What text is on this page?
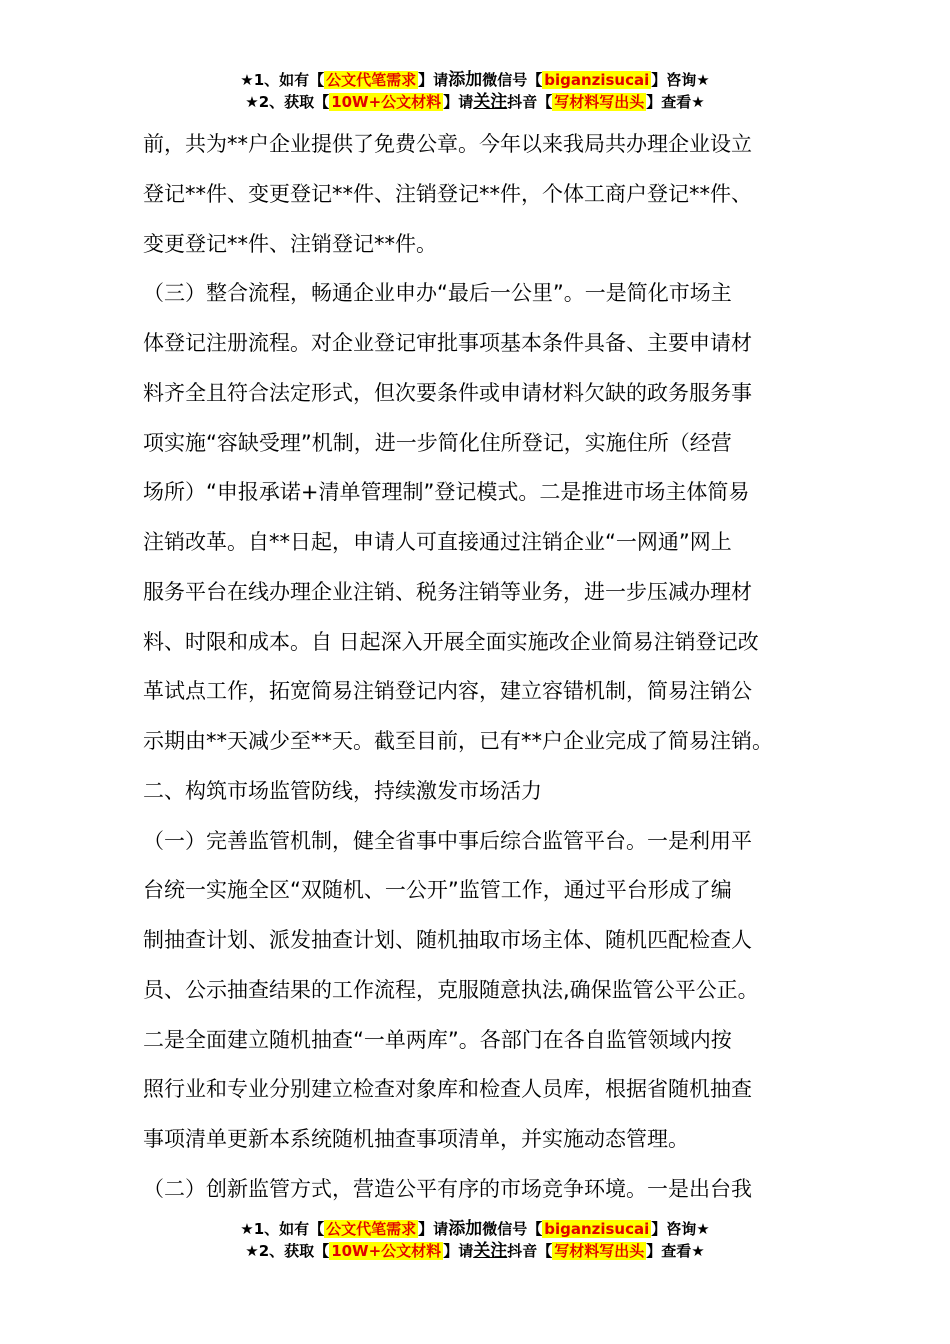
★1、如有【 公文代笔需求 】请添加微信号【 biganzisucai 】咨询★
★2、获取【 10W+公文材料 】请关注抖音【 写材料写出头 】查看★
前，共为**户企业提供了免费公章。今年以来我局共办理企业设立
登记**件、变更登记**件、注销登记**件，个体工商户登记**件、
变更登记**件、注销登记**件。
（三）整合流程，畅通企业申办“最后一公里”。一是简化市场主
体登记注册流程。对企业登记审批事项基本条件具备、主要申请材
料齐全且符合法定形式，但次要条件或申请材料欠缺的政务服务事
项实施“容缺受理”机制，进一步简化住所登记，实施住所（经营
场所）“申报承诺+清单管理制”登记模式。二是推进市场主体简易
注销改革。自**日起，申请人可直接通过注销企业“一网通”网上
服务平台在线办理企业注销、税务注销等业务，进一步压减办理材
料、时限和成本。自 日起深入开展全面实施改企业简易注销登记改
革试点工作，拓宽简易注销登记内容，建立容错机制，简易注销公
示期由**天减少至**天。截至目前，已有**户企业完成了简易注销。
二、构筑市场监管防线，持续激发市场活力
（一）完善监管机制，健全省事中事后综合监管平台。一是利用平
台统一实施全区“双随机、一公开”监管工作，通过平台形成了编
制抽查计划、派发抽查计划、随机抽取市场主体、随机匹配检查人
员、公示抽查结果的工作流程，克服随意执法,确保监管公平公正。
二是全面建立随机抽查“一单两库”。各部门在各自监管领域内按
照行业和专业分别建立检查对象库和检查人员库，根据省随机抽查
事项清单更新本系统随机抽查事项清单，并实施动态管理。
（二）创新监管方式，营造公平有序的市场竞争环境。一是出台我
★1、如有【 公文代笔需求 】请添加微信号【 biganzisucai 】咨询★
★2、获取【 10W+公文材料 】请关注抖音【 写材料写出头 】查看★
